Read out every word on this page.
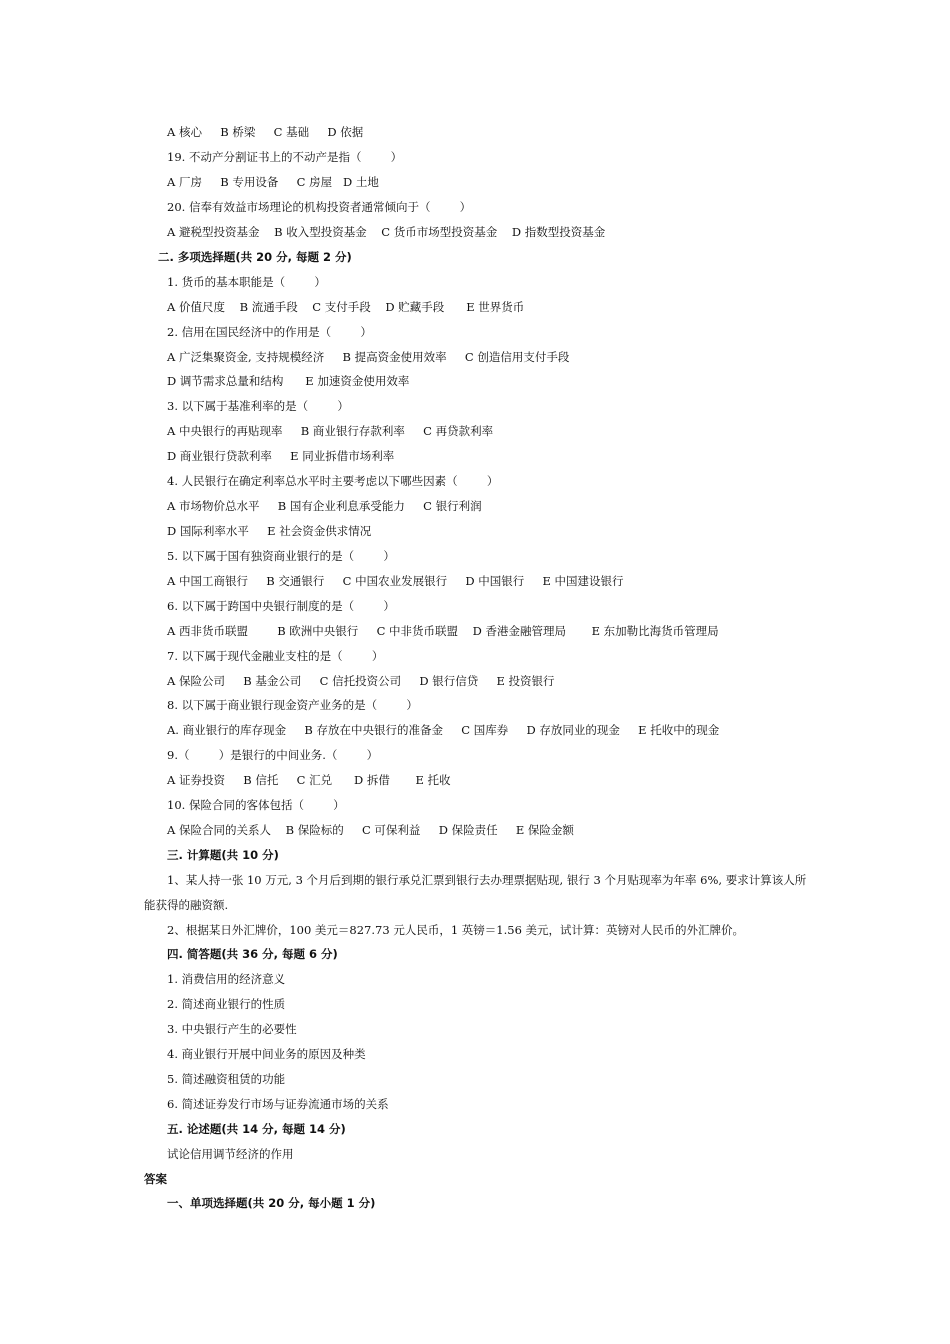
A 核心     B 桥梁     C 基础     D 依据
19. 不动产分割证书上的不动产是指（        ）
A 厂房     B 专用设备     C 房屋   D 土地
20. 信奉有效益市场理论的机构投资者通常倾向于（        ）
A 避税型投资基金    B 收入型投资基金    C 货币市场型投资基金    D 指数型投资基金
二. 多项选择题(共 20 分, 每题 2 分)
1. 货币的基本职能是（        ）
A 价值尺度    B 流通手段    C 支付手段    D 贮藏手段      E 世界货币
2. 信用在国民经济中的作用是（        ）
A 广泛集聚资金, 支持规模经济     B 提高资金使用效率     C 创造信用支付手段
D 调节需求总量和结构      E 加速资金使用效率
3. 以下属于基准利率的是（        ）
A 中央银行的再贴现率     B 商业银行存款利率     C 再贷款利率
D 商业银行贷款利率     E 同业拆借市场利率
4. 人民银行在确定利率总水平时主要考虑以下哪些因素（        ）
A 市场物价总水平     B 国有企业利息承受能力     C 银行利润
D 国际利率水平     E 社会资金供求情况
5. 以下属于国有独资商业银行的是（        ）
A 中国工商银行     B 交通银行     C 中国农业发展银行     D 中国银行     E 中国建设银行
6. 以下属于跨国中央银行制度的是（        ）
A 西非货币联盟        B 欧洲中央银行     C 中非货币联盟    D 香港金融管理局       E 东加勒比海货币管理局
7. 以下属于现代金融业支柱的是（        ）
A 保险公司     B 基金公司     C 信托投资公司     D 银行信贷     E 投资银行
8. 以下属于商业银行现金资产业务的是（        ）
A. 商业银行的库存现金     B 存放在中央银行的准备金     C 国库券     D 存放同业的现金     E 托收中的现金
9.（        ）是银行的中间业务.（        ）
A 证券投资     B 信托     C 汇兑      D 拆借       E 托收
10. 保险合同的客体包括（        ）
A 保险合同的关系人    B 保险标的     C 可保利益     D 保险责任     E 保险金额
三. 计算题(共 10 分)
1、某人持一张 10 万元, 3 个月后到期的银行承兑汇票到银行去办理票据贴现, 银行 3 个月贴现率为年率 6%, 要求计算该人所
能获得的融资额.
2、根据某日外汇牌价，100 美元＝827.73 元人民币，1 英镑＝1.56 美元，试计算：英镑对人民币的外汇牌价。
四. 简答题(共 36 分, 每题 6 分)
1. 消费信用的经济意义
2. 简述商业银行的性质
3. 中央银行产生的必要性
4. 商业银行开展中间业务的原因及种类
5. 简述融资租赁的功能
6. 简述证券发行市场与证券流通市场的关系
五. 论述题(共 14 分, 每题 14 分)
试论信用调节经济的作用
答案
一、单项选择题(共 20 分, 每小题 1 分)
